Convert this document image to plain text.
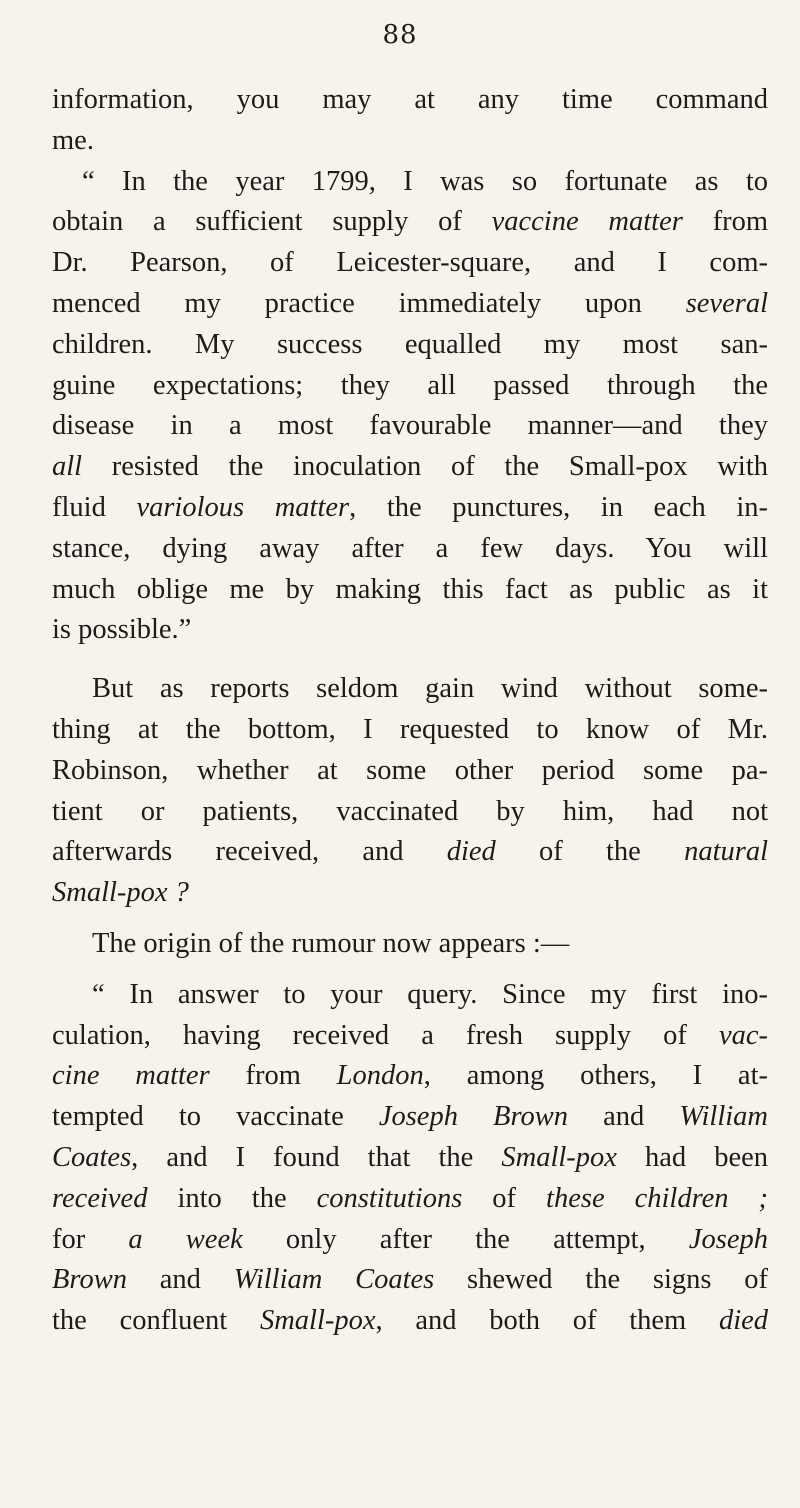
88
information, you may at any time command
me.
“ In the year 1799, I was so fortunate as to
obtain a sufficient supply of vaccine matter from
Dr. Pearson, of Leicester-square, and I com-
menced my practice immediately upon several
children. My success equalled my most san-
guine expectations; they all passed through the
disease in a most favourable manner—and they
all resisted the inoculation of the Small-pox with
fluid variolous matter, the punctures, in each in-
stance, dying away after a few days. You will
much oblige me by making this fact as public as it
is possible.”
But as reports seldom gain wind without some-
thing at the bottom, I requested to know of Mr.
Robinson, whether at some other period some pa-
tient or patients, vaccinated by him, had not
afterwards received, and died of the natural
Small-pox ?
The origin of the rumour now appears :—
“ In answer to your query. Since my first ino-
culation, having received a fresh supply of vac-
cine matter from London, among others, I at-
tempted to vaccinate Joseph Brown and William
Coates, and I found that the Small-pox had been
received into the constitutions of these children ;
for a week only after the attempt, Joseph
Brown and William Coates shewed the signs of
the confluent Small-pox, and both of them died
